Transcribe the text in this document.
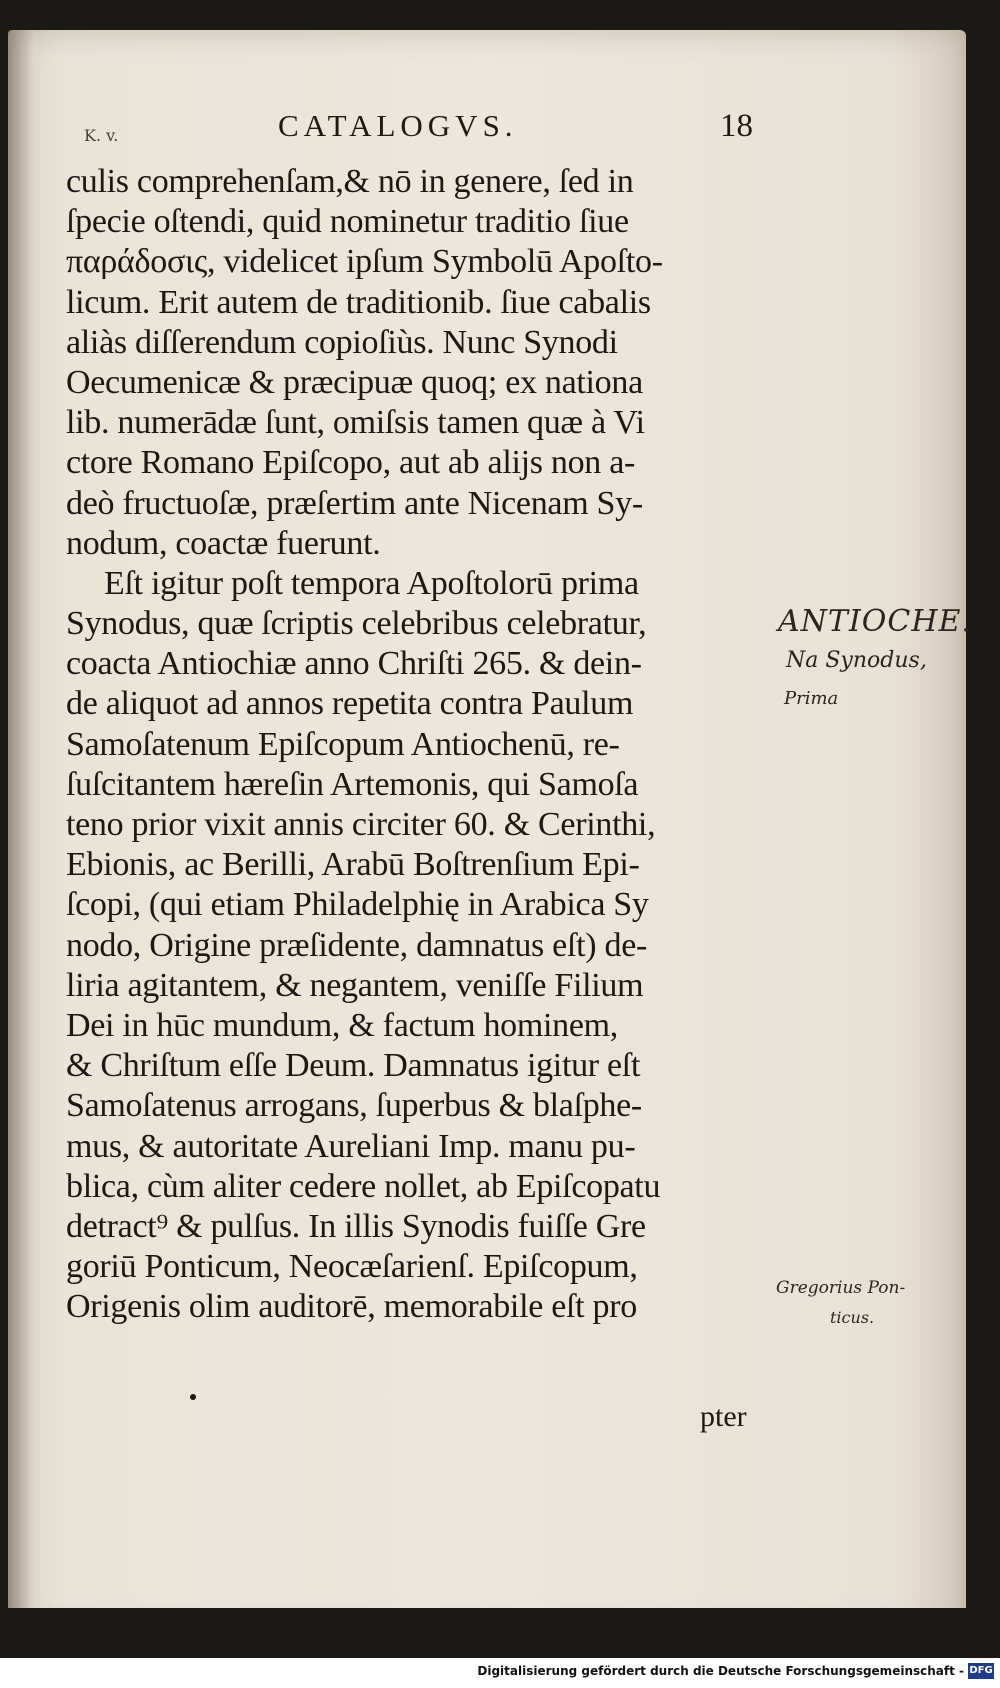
K. v.	CATALOGVS.	18
culis comprehenſam,& nō in genere, ſed in
ſpecie oſtendi, quid nominetur traditio ſiue
παράδοσις, videlicet ipſum Symbolū Apoſto-
licum. Erit autem de traditionib. ſiue cabalis
aliàs diſſerendum copioſiùs. Nunc Synodi
Oecumenicæ & præcipuæ quoq; ex nationa
lib. numerādæ ſunt, omiſsis tamen quæ à Vi
ctore Romano Epiſcopo, aut ab alijs non a-
deò fructuoſæ, præſertim ante Nicenam Sy-
nodum, coactæ fuerunt.
Eſt igitur poſt tempora Apoſtolorū prima
Synodus, quæ ſcriptis celebribus celebratur,
coacta Antiochiæ anno Chriſti 265. & dein-
de aliquot ad annos repetita contra Paulum
Samoſatenum Epiſcopum Antiochenū, re-
ſuſcitantem hæreſin Artemonis, qui Samoſa
teno prior vixit annis circiter 60. & Cerinthi,
Ebionis, ac Berilli, Arabū Boſtrenſium Epi-
ſcopi, (qui etiam Philadelphię in Arabica Sy
nodo, Origine præſidente, damnatus eſt) de-
liria agitantem, & negantem, veniſſe Filium
Dei in hūc mundum, & factum hominem,
& Chriſtum eſſe Deum. Damnatus igitur eſt
Samoſatenus arrogans, ſuperbus & blaſphe-
mus, & autoritate Aureliani Imp. manu pu-
blica, cùm aliter cedere nollet, ab Epiſcopatu
detract⁹ & pulſus. In illis Synodis fuiſſe Gre
goriū Ponticum, Neocæſarienſ. Epiſcopum,
Origenis olim auditorē, memorabile eſt pro
pter
ANTIOCHE.
Na Synodus,
Prima
Gregorius Pon-
ticus.
Digitalisierung gefördert durch die Deutsche Forschungsgemeinschaft - DFG
